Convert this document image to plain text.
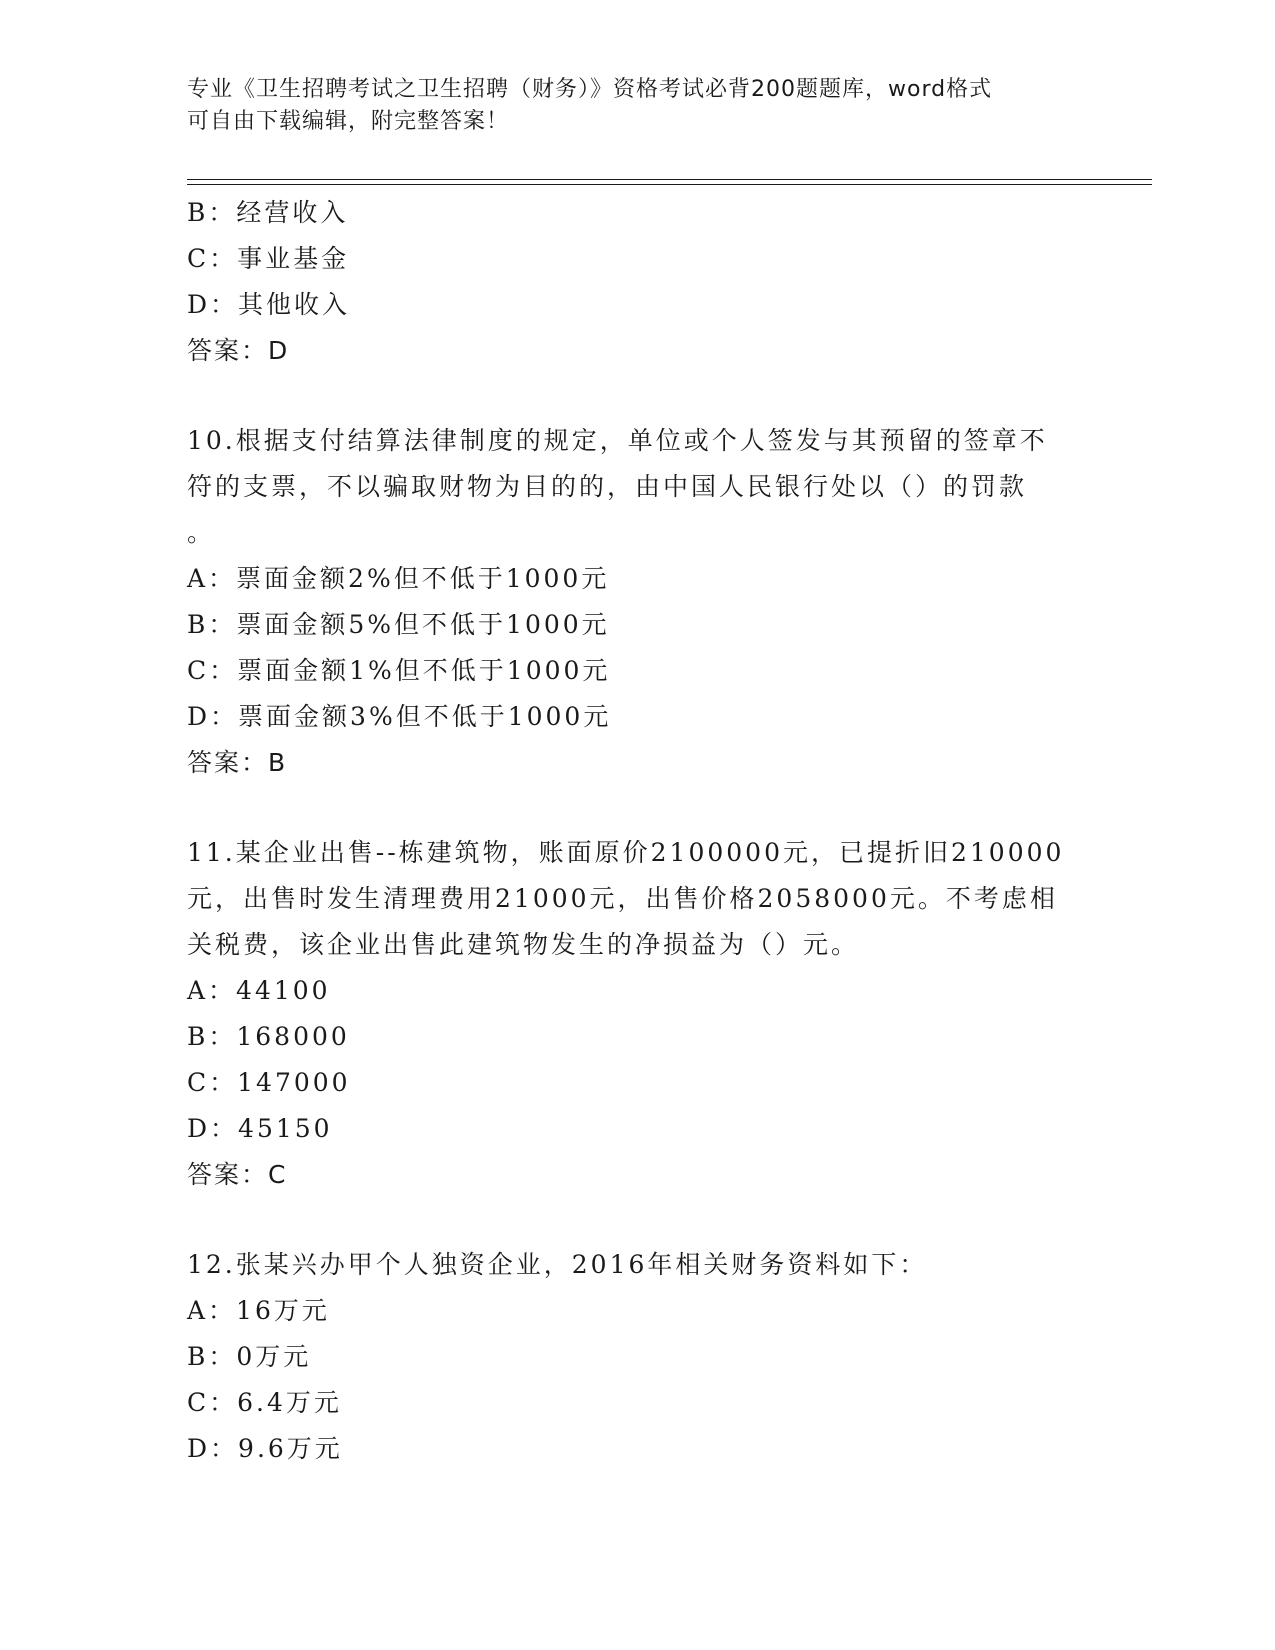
专业《卫生招聘考试之卫生招聘（财务）》资格考试必背200题题库，word格式
可自由下载编辑，附完整答案！
B：经营收入
C：事业基金
D：其他收入
答案：D
10.根据支付结算法律制度的规定，单位或个人签发与其预留的签章不
符的支票，不以骗取财物为目的的，由中国人民银行处以（）的罚款
。
A：票面金额2%但不低于1000元
B：票面金额5%但不低于1000元
C：票面金额1%但不低于1000元
D：票面金额3%但不低于1000元
答案：B
11.某企业出售--栋建筑物，账面原价2100000元，已提折旧210000
元，出售时发生清理费用21000元，出售价格2058000元。不考虑相
关税费，该企业出售此建筑物发生的净损益为（）元。
A：44100
B：168000
C：147000
D：45150
答案：C
12.张某兴办甲个人独资企业，2016年相关财务资料如下：
A：16万元
B：0万元
C：6.4万元
D：9.6万元
